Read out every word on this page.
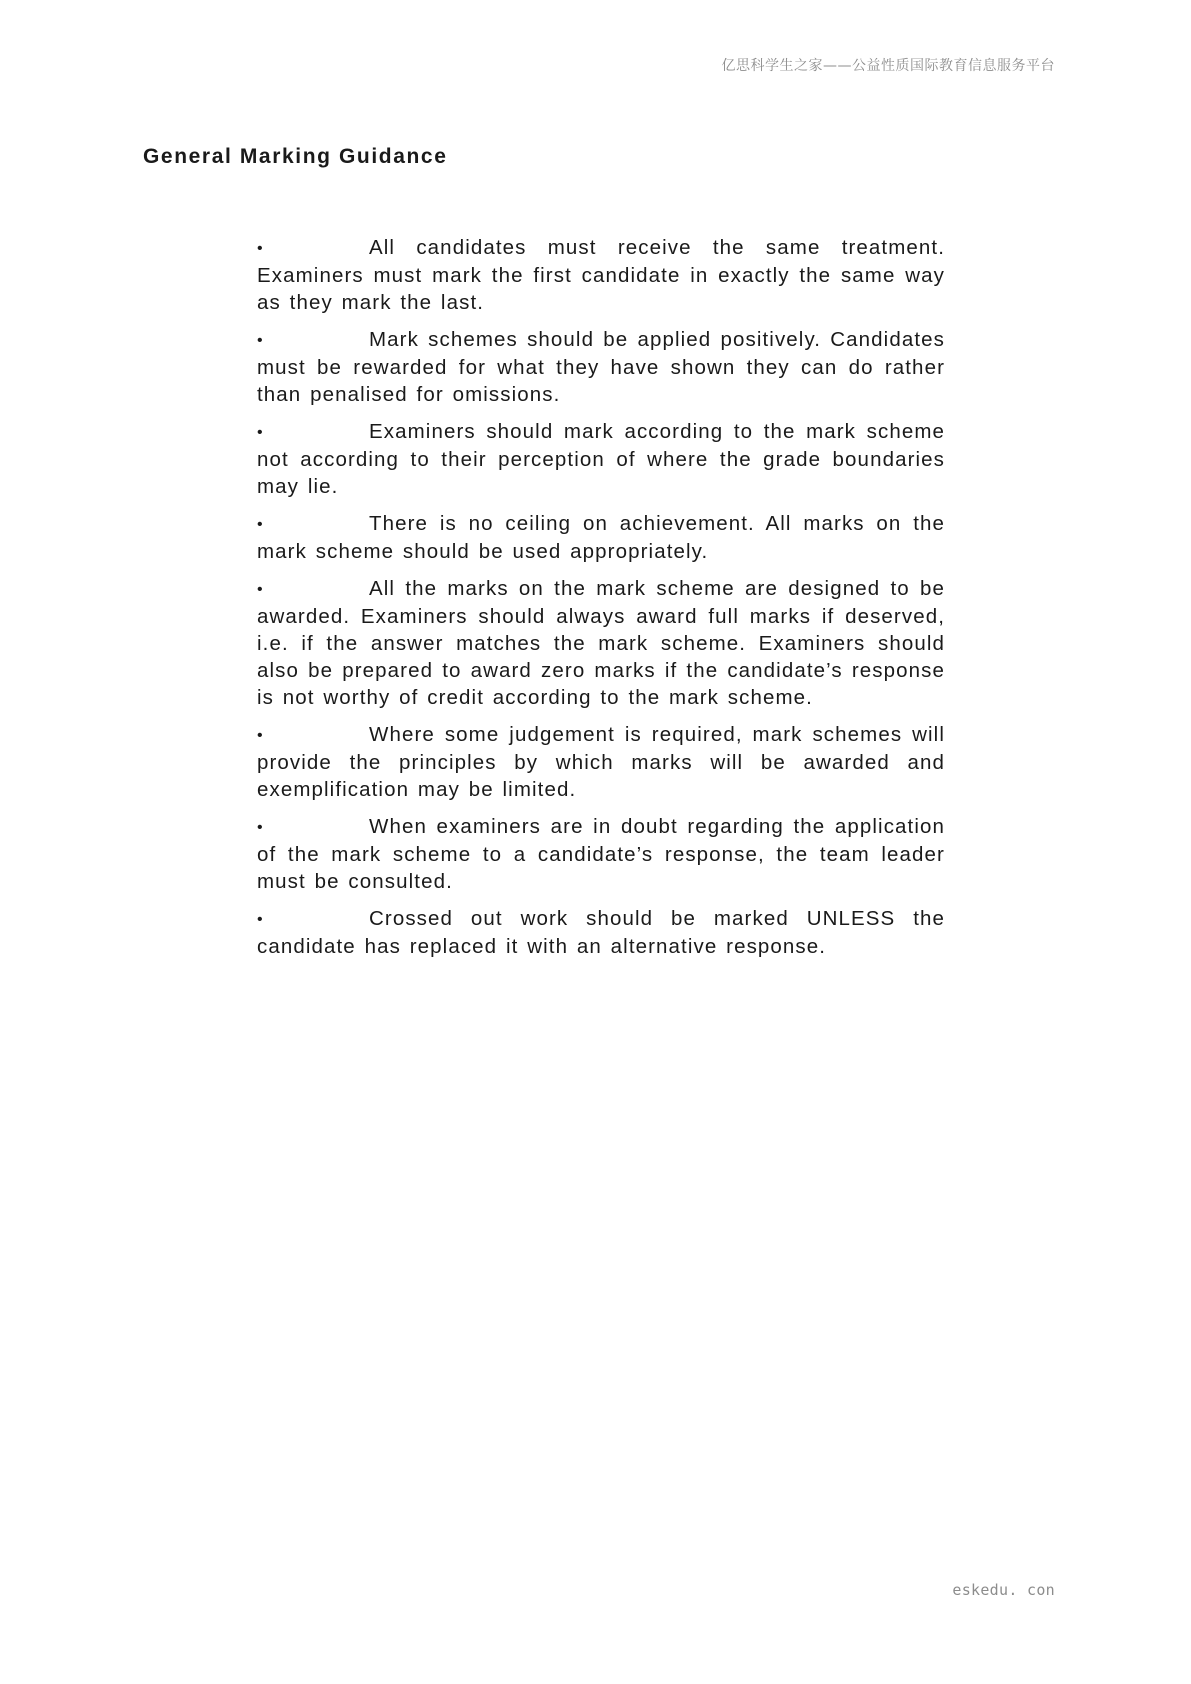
亿思科学生之家——公益性质国际教育信息服务平台
General Marking Guidance
•	All candidates must receive the same treatment. Examiners must mark the first candidate in exactly the same way as they mark the last.
•	Mark schemes should be applied positively. Candidates must be rewarded for what they have shown they can do rather than penalised for omissions.
•	Examiners should mark according to the mark scheme not according to their perception of where the grade boundaries may lie.
•	There is no ceiling on achievement. All marks on the mark scheme should be used appropriately.
•	All the marks on the mark scheme are designed to be awarded. Examiners should always award full marks if deserved, i.e. if the answer matches the mark scheme. Examiners should also be prepared to award zero marks if the candidate’s response is not worthy of credit according to the mark scheme.
•	Where some judgement is required, mark schemes will provide the principles by which marks will be awarded and exemplification may be limited.
•	When examiners are in doubt regarding the application of the mark scheme to a candidate’s response, the team leader must be consulted.
•	Crossed out work should be marked UNLESS the candidate has replaced it with an alternative response.
eskedu. con
